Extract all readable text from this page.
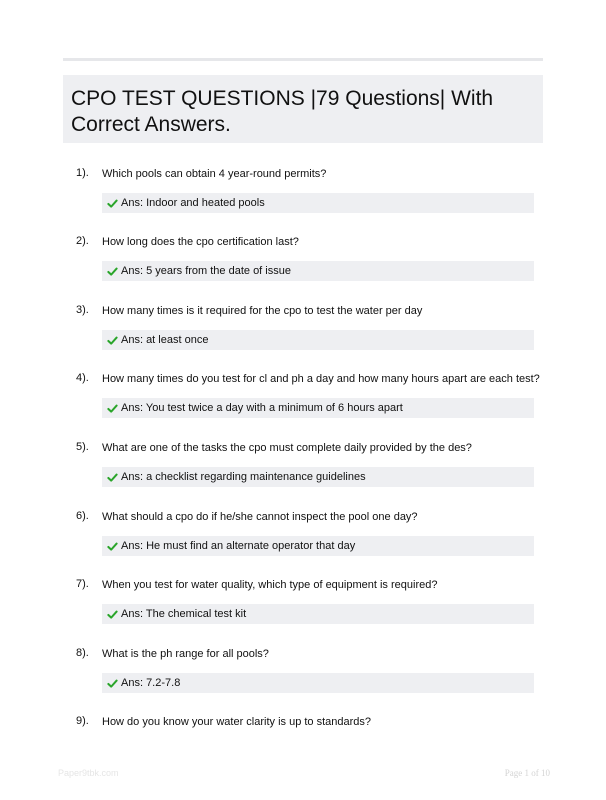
CPO TEST QUESTIONS |79 Questions| With Correct Answers.
1). Which pools can obtain 4 year-round permits?
Ans: Indoor and heated pools
2). How long does the cpo certification last?
Ans: 5 years from the date of issue
3). How many times is it required for the cpo to test the water per day
Ans: at least once
4). How many times do you test for cl and ph a day and how many hours apart are each test?
Ans: You test twice a day with a minimum of 6 hours apart
5). What are one of the tasks the cpo must complete daily provided by the des?
Ans: a checklist regarding maintenance guidelines
6). What should a cpo do if he/she cannot inspect the pool one day?
Ans: He must find an alternate operator that day
7). When you test for water quality, which type of equipment is required?
Ans: The chemical test kit
8). What is the ph range for all pools?
Ans: 7.2-7.8
9). How do you know your water clarity is up to standards?
Paper9tbk.com	Page 1 of 10
